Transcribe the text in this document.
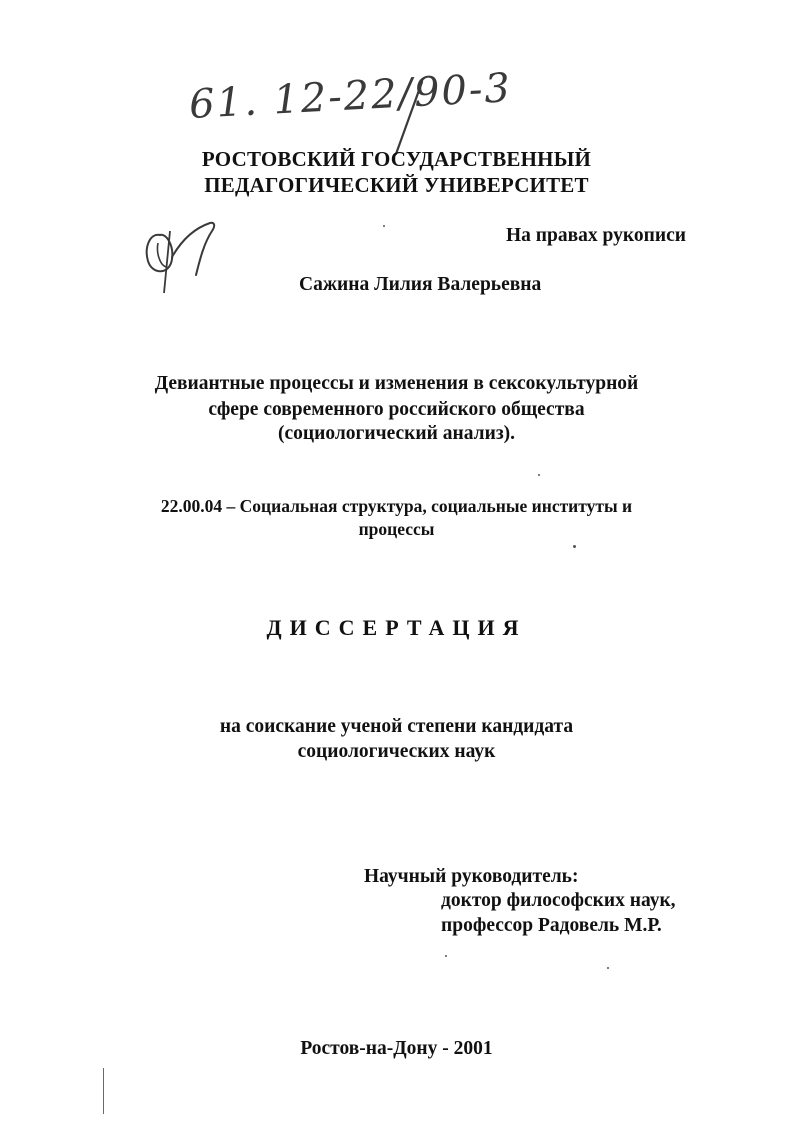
61. 12-22/90-3
РОСТОВСКИЙ ГОСУДАРСТВЕННЫЙ
ПЕДАГОГИЧЕСКИЙ УНИВЕРСИТЕТ
На правах рукописи
Сажина Лилия Валерьевна
Девиантные процессы и изменения в сексокультурной
сфере современного российского общества
(социологический анализ).
22.00.04 – Социальная структура, социальные институты и
процессы
ДИССЕРТАЦИЯ
на соискание ученой степени кандидата
социологических наук
Научный руководитель:
доктор философских наук,
профессор Радовель М.Р.
Ростов-на-Дону - 2001
